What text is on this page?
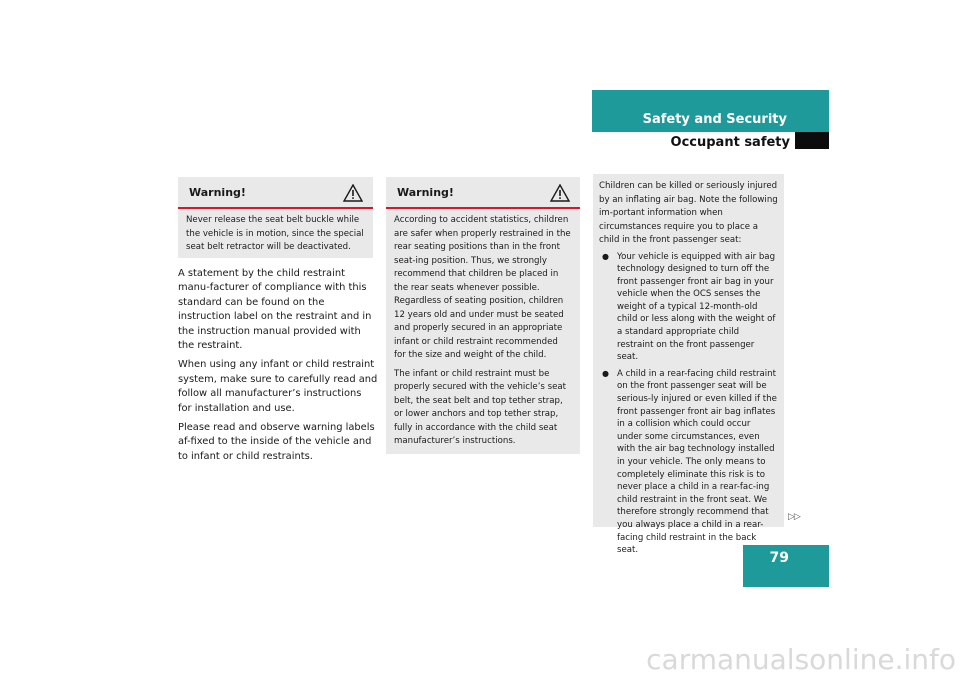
Safety and Security
Occupant safety
Warning!

Never release the seat belt buckle while the vehicle is in motion, since the special seat belt retractor will be deactivated.

A statement by the child restraint manu-facturer of compliance with this standard can be found on the instruction label on the restraint and in the instruction manual provided with the restraint.

When using any infant or child restraint system, make sure to carefully read and follow all manufacturer’s instructions for installation and use.

Please read and observe warning labels af-fixed to the inside of the vehicle and to infant or child restraints.

Warning!

According to accident statistics, children are safer when properly restrained in the rear seating positions than in the front seat-ing position. Thus, we strongly recommend that children be placed in the rear seats whenever possible. Regardless of seating position, children 12 years old and under must be seated and properly secured in an appropriate infant or child restraint recommended for the size and weight of the child.

The infant or child restraint must be properly secured with the vehicle’s seat belt, the seat belt and top tether strap, or lower anchors and top tether strap, fully in accordance with the child seat manufacturer’s instructions.

Children can be killed or seriously injured by an inflating air bag. Note the following im-portant information when circumstances require you to place a child in the front passenger seat:

● Your vehicle is equipped with air bag technology designed to turn off the front passenger front air bag in your vehicle when the OCS senses the weight of a typical 12-month-old child or less along with the weight of a standard appropriate child restraint on the front passenger seat.
● A child in a rear-facing child restraint on the front passenger seat will be serious-ly injured or even killed if the front passenger front air bag inflates in a collision which could occur under some circumstances, even with the air bag technology installed in your vehicle. The only means to completely eliminate this risk is to never place a child in a rear-fac-ing child restraint in the front seat. We therefore strongly recommend that you always place a child in a rear-facing child restraint in the back seat.
▷▷
79
carmanualsonline.info
